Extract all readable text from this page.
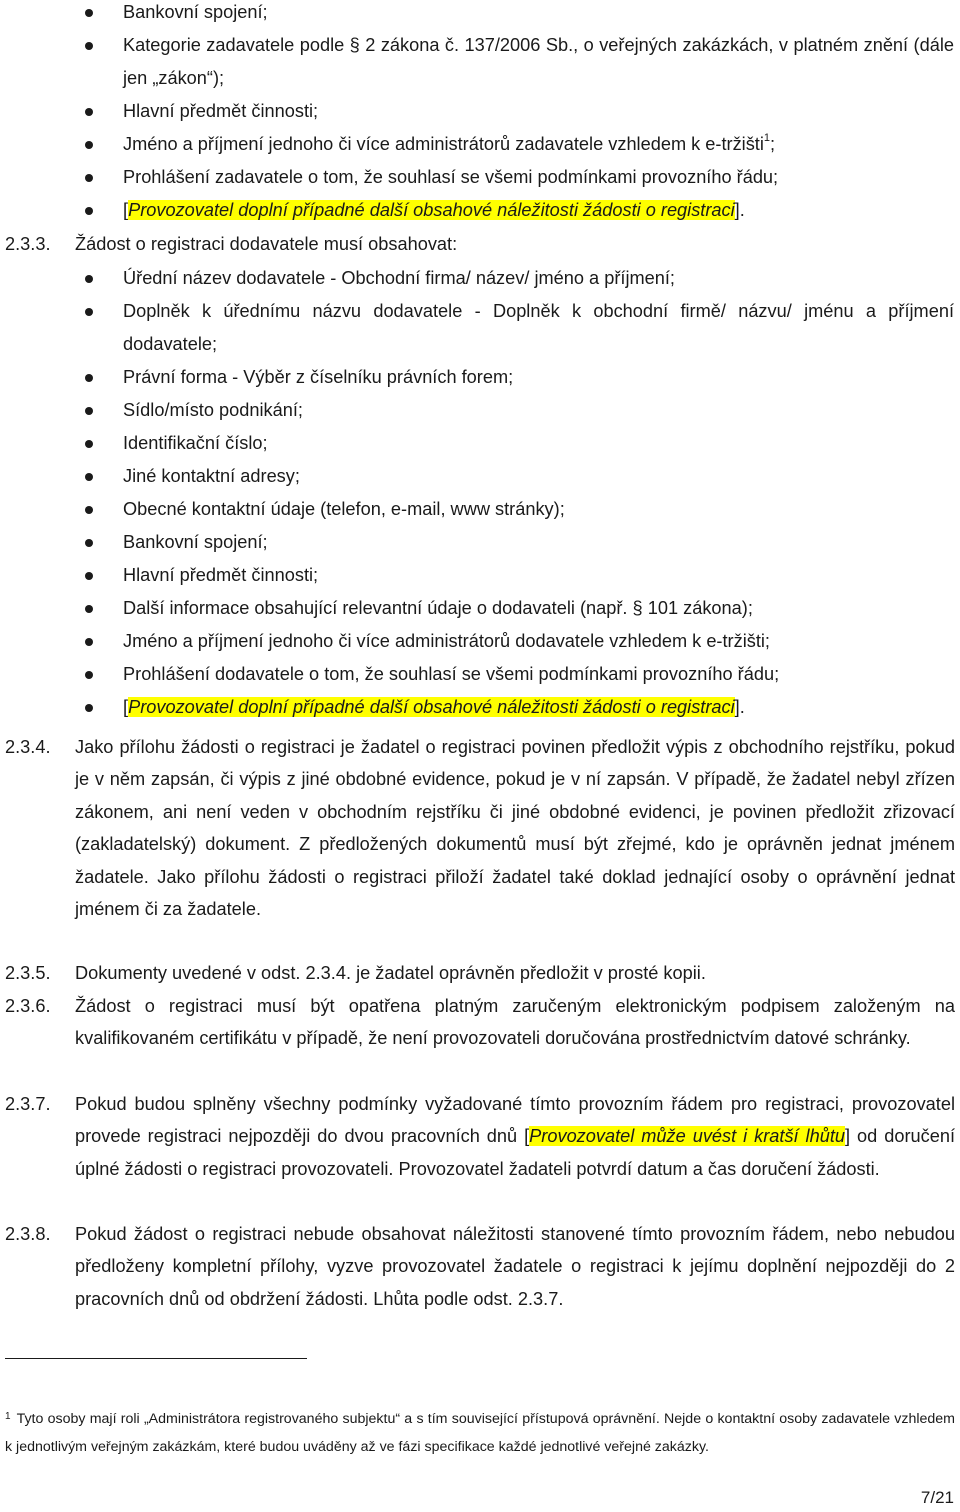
Bankovní spojení;
Kategorie zadavatele podle § 2 zákona č. 137/2006 Sb., o veřejných zakázkách, v platném znění (dále jen „zákon“);
Hlavní předmět činnosti;
Jméno a příjmení jednoho či více administrátorů zadavatele vzhledem k e-tržišti$^1$;
Prohlášení zadavatele o tom, že souhlasí se všemi podmínkami provozního řádu;
[Provozovatel doplní případné další obsahové náležitosti žádosti o registraci].
2.3.3. Žádost o registraci dodavatele musí obsahovat:
Úřední název dodavatele - Obchodní firma/ název/ jméno a příjmení;
Doplněk k úřednímu názvu dodavatele - Doplněk k obchodní firmě/ názvu/ jménu a příjmení dodavatele;
Právní forma - Výběr z číselníku právních forem;
Sídlo/místo podnikání;
Identifikační číslo;
Jiné kontaktní adresy;
Obecné kontaktní údaje (telefon, e-mail, www stránky);
Bankovní spojení;
Hlavní předmět činnosti;
Další informace obsahující relevantní údaje o dodavateli (např. § 101 zákona);
Jméno a příjmení jednoho či více administrátorů dodavatele vzhledem k e-tržišti;
Prohlášení dodavatele o tom, že souhlasí se všemi podmínkami provozního řádu;
[Provozovatel doplní případné další obsahové náležitosti žádosti o registraci].
2.3.4.	Jako přílohu žádosti o registraci je žadatel o registraci povinen předložit výpis z obchodního rejstříku, pokud je v něm zapsán, či výpis z jiné obdobné evidence, pokud je v ní zapsán. V případě, že žadatel nebyl zřízen zákonem, ani není veden v obchodním rejstříku či jiné obdobné evidenci, je povinen předložit zřizovací (zakladatelský) dokument. Z předložených dokumentů musí být zřejmé, kdo je oprávněn jednat jménem žadatele. Jako přílohu žádosti o registraci přiloží žadatel také doklad jednající osoby o oprávnění jednat jménem či za žadatele.
2.3.5.	Dokumenty uvedené v odst. 2.3.4. je žadatel oprávněn předložit v prosté kopii.
2.3.6.	Žádost o registraci musí být opatřena platným zaručeným elektronickým podpisem založeným na kvalifikovaném certifikátu v případě, že není provozovateli doručována prostřednictvím datové schránky.
2.3.7.	Pokud budou splněny všechny podmínky vyžadované tímto provozním řádem pro registraci, provozovatel provede registraci nejpozději do dvou pracovních dnů [Provozovatel může uvést i kratší lhůtu] od doručení úplné žádosti o registraci provozovateli. Provozovatel žadateli potvrdí datum a čas doručení žádosti.
2.3.8.	Pokud žádost o registraci nebude obsahovat náležitosti stanovené tímto provozním řádem, nebo nebudou předloženy kompletní přílohy, vyzve provozovatel žadatele o registraci k jejímu doplnění nejpozději do 2 pracovních dnů od obdržení žádosti. Lhůta podle odst. 2.3.7.
$^1$ Tyto osoby mají roli „Administrátora registrovaného subjektu“ a s tím související přístupová oprávnění. Nejde o kontaktní osoby zadavatele vzhledem k jednotlivým veřejným zakázkám, které budou uváděny až ve fázi specifikace každé jednotlivé veřejné zakázky.
7/21
